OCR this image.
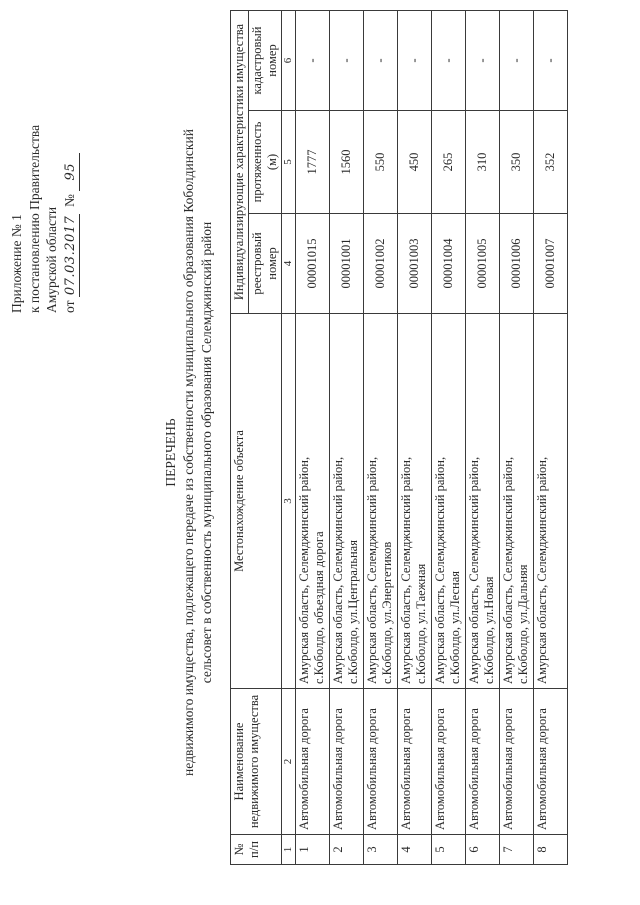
Приложение № 1 к постановлению Правительства Амурской области от 07.03.2017  № 95
ПЕРЕЧЕНЬ недвижимого имущества, подлежащего передаче из собственности муниципального образования Коболдинский сельсовет в собственность муниципального образования Селемджинский район
№ п/п	Наименование недвижимого имущества	Местонахождение объекта	Индивидуализирующие характеристики имущества		
			реестровый номер	протяженность (м)	кадастровый номер
1	2	3	4	5	6
1	Автомобильная дорога	Амурская область, Селемджинский район, с.Коболдо, объездная дорога	00001015	1777	-
2	Автомобильная дорога	Амурская область, Селемджинский район, с.Коболдо, ул.Центральная	00001001	1560	-
3	Автомобильная дорога	Амурская область, Селемджинский район, с.Коболдо, ул.Энергетиков	00001002	550	-
4	Автомобильная дорога	Амурская область, Селемджинский район, с.Коболдо, ул.Таежная	00001003	450	-
5	Автомобильная дорога	Амурская область, Селемджинский район, с.Коболдо, ул.Лесная	00001004	265	-
6	Автомобильная дорога	Амурская область, Селемджинский район, с.Коболдо, ул.Новая	00001005	310	-
7	Автомобильная дорога	Амурская область, Селемджинский район, с.Коболдо, ул.Дальняя	00001006	350	-
8	Автомобильная дорога	Амурская область, Селемджинский район,	00001007	352	-
